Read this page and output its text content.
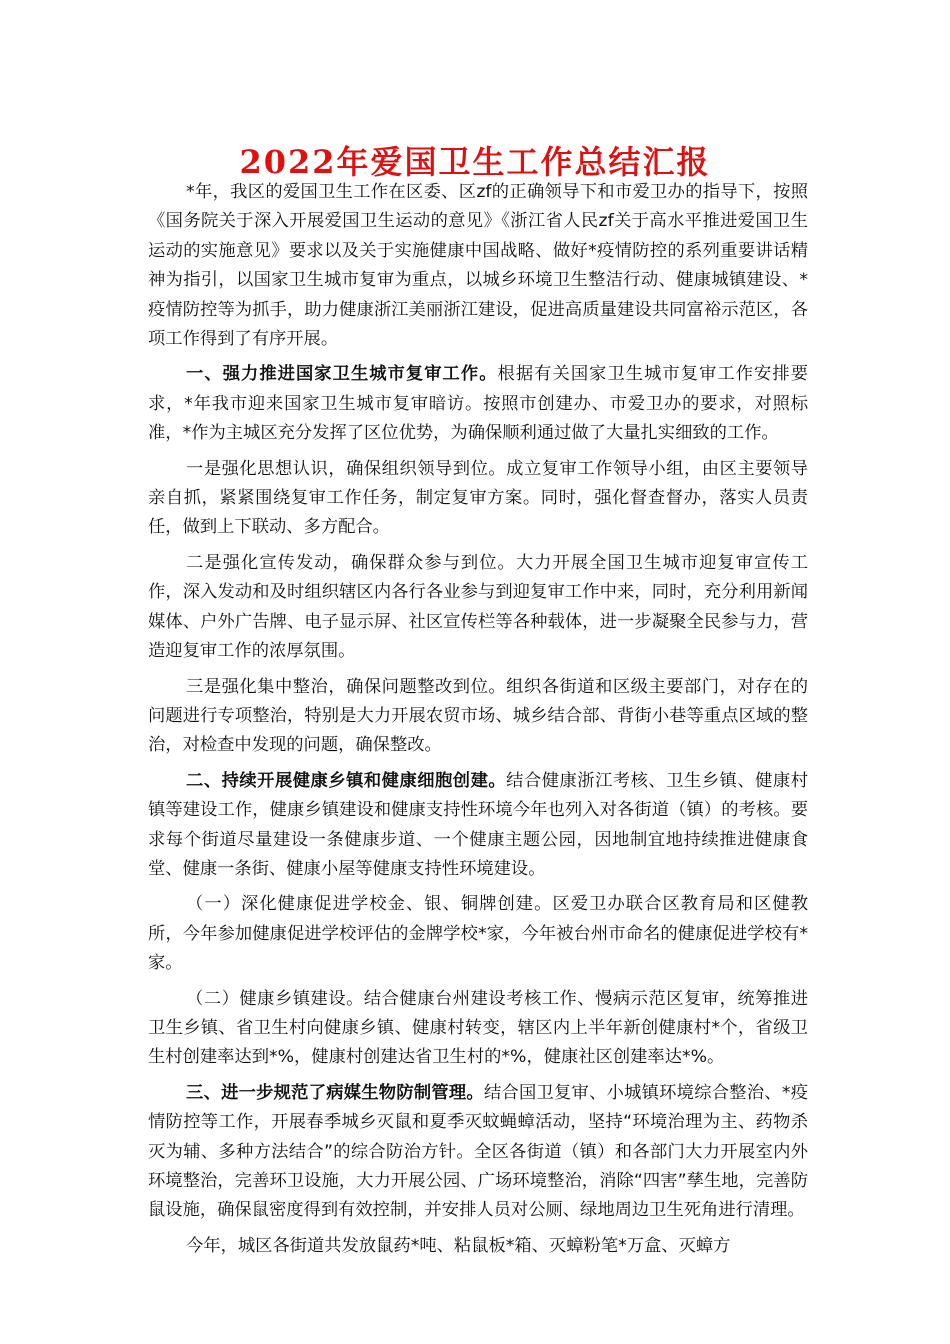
2022年爱国卫生工作总结汇报

*年，我区的爱国卫生工作在区委、区zf的正确领导下和市爱卫办的指导下，按照《国务院关于深入开展爱国卫生运动的意见》《浙江省人民zf关于高水平推进爱国卫生运动的实施意见》要求以及关于实施健康中国战略、做好*疫情防控的系列重要讲话精神为指引，以国家卫生城市复审为重点，以城乡环境卫生整洁行动、健康城镇建设、*疫情防控等为抓手，助力健康浙江美丽浙江建设，促进高质量建设共同富裕示范区，各项工作得到了有序开展。

一、强力推进国家卫生城市复审工作。根据有关国家卫生城市复审工作安排要求，*年我市迎来国家卫生城市复审暗访。按照市创建办、市爱卫办的要求，对照标准，*作为主城区充分发挥了区位优势，为确保顺利通过做了大量扎实细致的工作。

一是强化思想认识，确保组织领导到位。成立复审工作领导小组，由区主要领导亲自抓，紧紧围绕复审工作任务，制定复审方案。同时，强化督查督办，落实人员责任，做到上下联动、多方配合。

二是强化宣传发动，确保群众参与到位。大力开展全国卫生城市迎复审宣传工作，深入发动和及时组织辖区内各行各业参与到迎复审工作中来，同时，充分利用新闻媒体、户外广告牌、电子显示屏、社区宣传栏等各种载体，进一步凝聚全民参与力，营造迎复审工作的浓厚氛围。

三是强化集中整治，确保问题整改到位。组织各街道和区级主要部门，对存在的问题进行专项整治，特别是大力开展农贸市场、城乡结合部、背街小巷等重点区域的整治，对检查中发现的问题，确保整改。

二、持续开展健康乡镇和健康细胞创建。结合健康浙江考核、卫生乡镇、健康村镇等建设工作，健康乡镇建设和健康支持性环境今年也列入对各街道（镇）的考核。要求每个街道尽量建设一条健康步道、一个健康主题公园，因地制宜地持续推进健康食堂、健康一条街、健康小屋等健康支持性环境建设。

（一）深化健康促进学校金、银、铜牌创建。区爱卫办联合区教育局和区健教所，今年参加健康促进学校评估的金牌学校*家，今年被台州市命名的健康促进学校有*家。

（二）健康乡镇建设。结合健康台州建设考核工作、慢病示范区复审，统筹推进卫生乡镇、省卫生村向健康乡镇、健康村转变，辖区内上半年新创健康村*个，省级卫生村创建率达到*%，健康村创建达省卫生村的*%，健康社区创建率达*%。

三、进一步规范了病媒生物防制管理。结合国卫复审、小城镇环境综合整治、*疫情防控等工作，开展春季城乡灭鼠和夏季灭蚊蝇蟑活动，坚持“环境治理为主、药物杀灭为辅、多种方法结合”的综合防治方针。全区各街道（镇）和各部门大力开展室内外环境整治，完善环卫设施，大力开展公园、广场环境整治，消除“四害”孳生地，完善防鼠设施，确保鼠密度得到有效控制，并安排人员对公厕、绿地周边卫生死角进行清理。

今年，城区各街道共发放鼠药*吨、粘鼠板*箱、灭蟑粉笔*万盒、灭蟑方
